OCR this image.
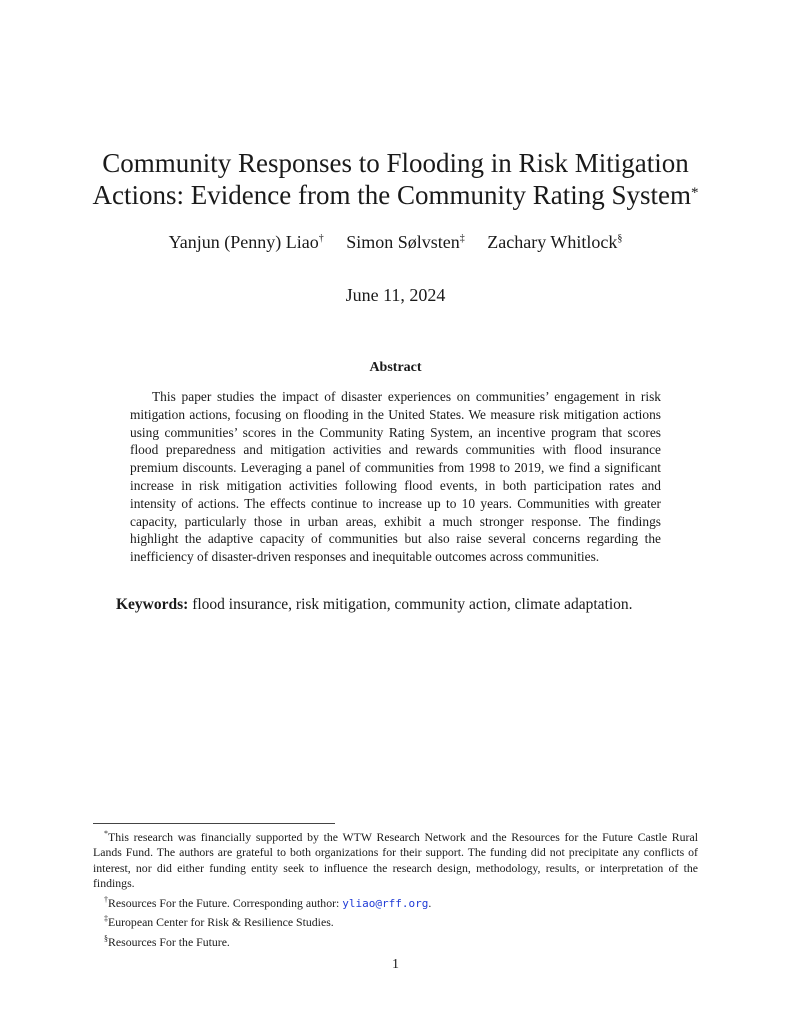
Community Responses to Flooding in Risk Mitigation
Actions: Evidence from the Community Rating System*
Yanjun (Penny) Liao† Simon Sølvsten‡ Zachary Whitlock§
June 11, 2024
Abstract

This paper studies the impact of disaster experiences on communities’ engagement in risk mitigation actions, focusing on flooding in the United States. We measure risk mitigation actions using communities’ scores in the Community Rating System, an incentive program that scores flood preparedness and mitigation activities and rewards communities with flood insurance premium discounts. Leveraging a panel of communities from 1998 to 2019, we find a significant increase in risk mitigation activities following flood events, in both participation rates and intensity of actions. The effects continue to increase up to 10 years. Communities with greater capacity, particularly those in urban areas, exhibit a much stronger response. The findings highlight the adaptive capacity of communities but also raise several concerns regarding the inefficiency of disaster-driven responses and inequitable outcomes across communities.

Keywords: flood insurance, risk mitigation, community action, climate adaptation.

*This research was financially supported by the WTW Research Network and the Resources for the Future Castle Rural Lands Fund. The authors are grateful to both organizations for their support. The funding did not precipitate any conflicts of interest, nor did either funding entity seek to influence the research design, methodology, results, or interpretation of the findings.

†Resources For the Future. Corresponding author: yliao@rff.org.

‡European Center for Risk & Resilience Studies.

§Resources For the Future.

1
